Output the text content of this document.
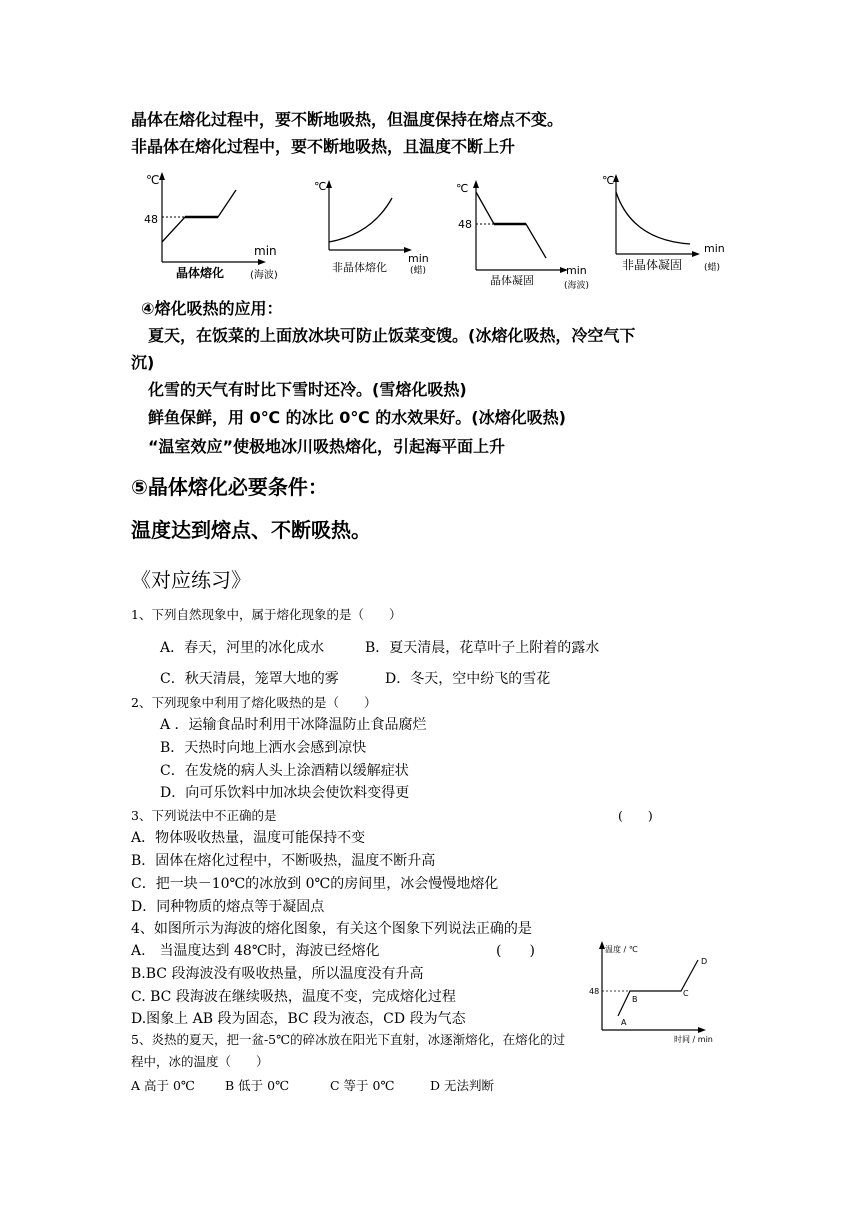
晶体在熔化过程中，要不断地吸热，但温度保持在熔点不变。
非晶体在熔化过程中，要不断地吸热，且温度不断上升
℃
48
min
晶体熔化	(海波)
℃
min
非晶体熔化	(蜡)
℃
48
min
晶体凝固	(海波)
℃
min
非晶体凝固 (蜡)
④熔化吸热的应用：
夏天，在饭菜的上面放冰块可防止饭菜变馊。(冰熔化吸热，冷空气下
沉)
化雪的天气有时比下雪时还冷。(雪熔化吸热)
鲜鱼保鲜，用 0℃ 的冰比 0℃ 的水效果好。(冰熔化吸热)
“温室效应”使极地冰川吸热熔化，引起海平面上升
⑤晶体熔化必要条件：
温度达到熔点、不断吸热。
《对应练习》
1、下列自然现象中，属于熔化现象的是（　　）
A．春天，河里的冰化成水	B．夏天清晨，花草叶子上附着的露水
C．秋天清晨，笼罩大地的雾	D．冬天，空中纷飞的雪花
2、下列现象中利用了熔化吸热的是（　　）
A ．运输食品时利用干冰降温防止食品腐烂
B．天热时向地上洒水会感到凉快
C．在发烧的病人头上涂酒精以缓解症状
D．向可乐饮料中加冰块会使饮料变得更
3、下列说法中不正确的是	(　　)
A．物体吸收热量，温度可能保持不变
B．固体在熔化过程中，不断吸热，温度不断升高
C．把一块－10℃的冰放到 0℃的房间里，冰会慢慢地熔化
D．同种物质的熔点等于凝固点
4、如图所示为海波的熔化图象，有关这个图象下列说法正确的是
A.　当温度达到 48℃时，海波已经熔化	(　　)
B.BC 段海波没有吸收热量，所以温度没有升高
C. BC 段海波在继续吸热，温度不变，完成熔化过程
D.图象上 AB 段为固态，BC 段为液态，CD 段为气态
温度 / ℃
48
A
B
C
D
时间 / min
5、炎热的夏天，把一盆-5℃的碎冰放在阳光下直射，冰逐渐熔化，在熔化的过
程中，冰的温度（　　）
A 高于 0℃ B 低于 0℃	C 等于 0℃	D 无法判断
